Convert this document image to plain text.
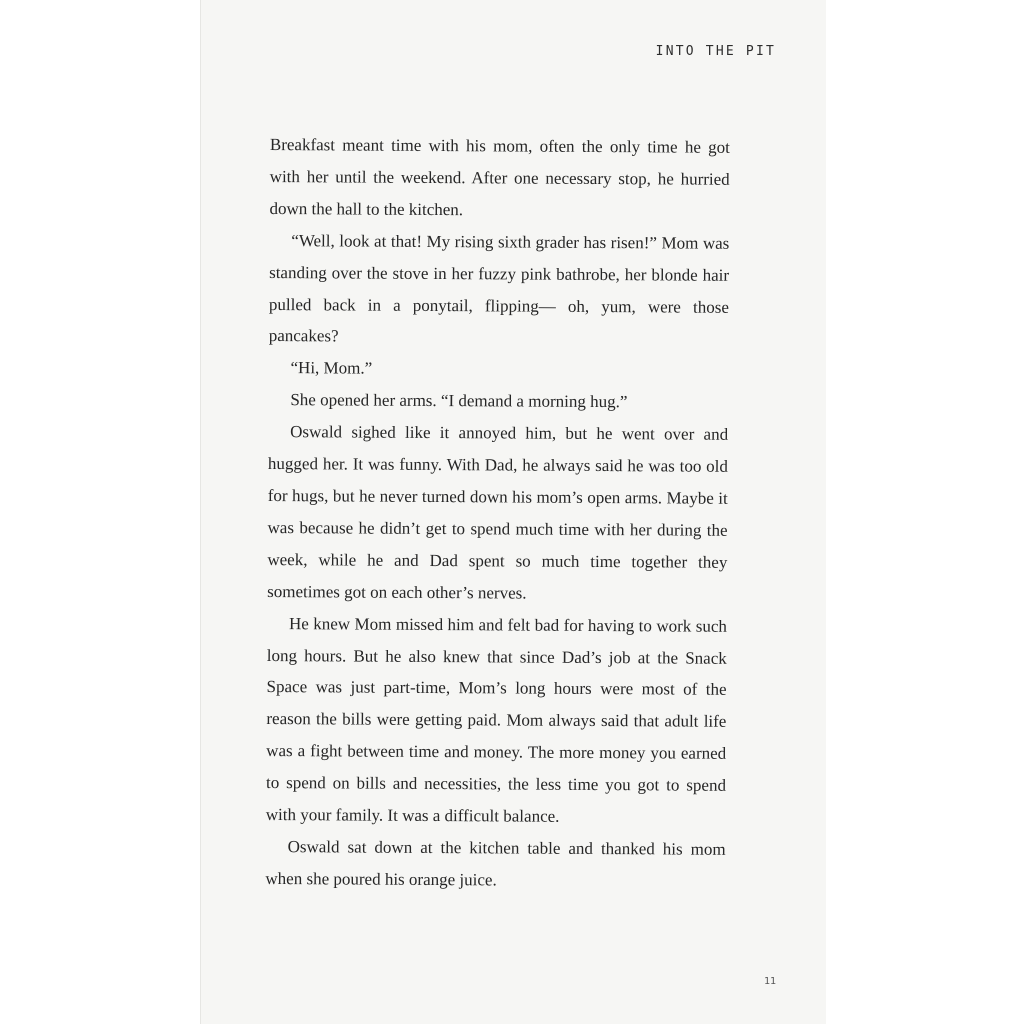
INTO THE PIT

Breakfast meant time with his mom, often the only time he got with her until the weekend. After one necessary stop, he hurried down the hall to the kitchen.

“Well, look at that! My rising sixth grader has risen!” Mom was standing over the stove in her fuzzy pink bathrobe, her blonde hair pulled back in a ponytail, flipping— oh, yum, were those pancakes?

“Hi, Mom.”

She opened her arms. “I demand a morning hug.”

Oswald sighed like it annoyed him, but he went over and hugged her. It was funny. With Dad, he always said he was too old for hugs, but he never turned down his mom’s open arms. Maybe it was because he didn’t get to spend much time with her during the week, while he and Dad spent so much time together they sometimes got on each other’s nerves.

He knew Mom missed him and felt bad for having to work such long hours. But he also knew that since Dad’s job at the Snack Space was just part-time, Mom’s long hours were most of the reason the bills were getting paid. Mom always said that adult life was a fight between time and money. The more money you earned to spend on bills and necessities, the less time you got to spend with your family. It was a difficult balance.

Oswald sat down at the kitchen table and thanked his mom when she poured his orange juice.

11
